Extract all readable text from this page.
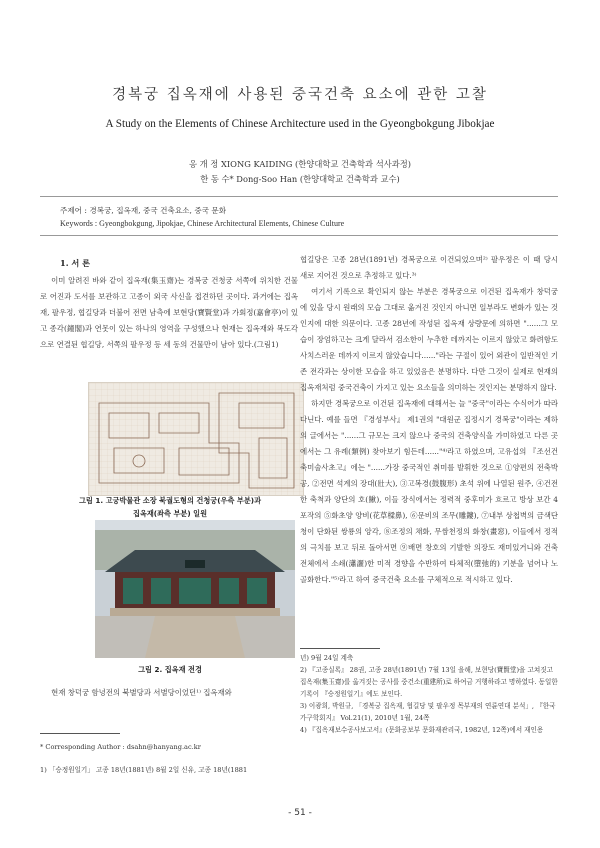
경복궁 집옥재에 사용된 중국건축 요소에 관한 고찰
A Study on the Elements of Chinese Architecture used in the Gyeongbokgung Jibokjae
옹 개 정 XIONG KAIDING (한양대학교 건축학과 석사과정)
한 동 수* Dong-Soo Han (한양대학교 건축학과 교수)
주제어 : 경복궁, 집옥재, 중국 건축요소, 중국 문화
Keywords : Gyeongbokgung, Jipokjae, Chinese Architectural Elements, Chinese Culture
1. 서 론

이미 알려진 바와 같이 집옥재(集玉齋)는 경복궁 건청궁 서쪽에 위치한 건물로 어진과 도서를 보관하고 고종이 외국 사신을 접견하던 곳이다. 과거에는 집옥재, 팔우정, 협길당과 더불어 전면 남측에 보현당(寶賢堂)과 가회정(嘉會亭)이 있고 종각(鐘閣)과 연못이 있는 하나의 영역을 구성했으나 현재는 집옥재와 복도각으로 연결된 협길당, 서쪽의 팔우정 등 세 동의 건물만이 남아 있다.(그림1)

그림 1. 고궁박물관 소장 북궐도형의 건청궁(우측 부분)과
집옥재(좌측 부분) 일원
그림 2. 집옥재 전경

현재 창덕궁 함녕전의 북별당과 서별당이었던¹⁾ 집옥재와

* Corresponding Author : dsahn@hanyang.ac.kr
1) 「승정원일기」 고종 18년(1881년) 8월 2일 신유, 고종 18년(1881

협길당은 고종 28년(1891년) 경복궁으로 이건되었으며²⁾ 팔우정은 이 때 당시 새로 지어진 것으로 추정하고 있다.³⁾

여기서 기록으로 확인되지 않는 부분은 경복궁으로 이건된 집옥재가 창덕궁에 있을 당시 원래의 모습 그대로 옮겨진 것인지 아니면 일부라도 변화가 있는 것인지에 대한 의문이다. 고종 28년에 작성된 집옥재 상량문에 의하면 "......그 모습이 장엄하고는 크게 달라서 검소한이 누추한 데까지는 이르지 않았고 화려함도 사치스러운 데까지 이르지 않았습니다......"라는 구절이 있어 외관이 일반적인 기존 전각과는 상이한 모습을 하고 있었음은 분명하다. 다만 그것이 실제로 현재의 집옥재처럼 중국건축이 가지고 있는 요소들을 의미하는 것인지는 분명하지 않다.

하지만 경복궁으로 이건된 집옥재에 대해서는 늘 "중국"이라는 수식어가 따라 다닌다. 예를 들면 『경성부사』 제1권의 "대원군 집정시기 경복궁"이라는 제하의 글에서는 "......그 규모는 크지 않으나 중국의 건축양식을 가미하였고 다른 곳에서는 그 유례(類例) 찾아보기 힘든데......"⁴⁾라고 하였으며, 고유섭의 『조선건축미술사초고』에는 "......가장 중국적인 취미를 발휘한 것으로 ①양편의 전축박공, ②전면 석계의 장대(壯大), ③고복경(鼓腹形) 초석 위에 나열된 원주, ④건전한 축척과 양단의 호(鰍), 이들 장식에서는 정력적 중후미가 흐르고 방상 보간 4포작의 ⑤화초양 양비(花草樑鼻), ⑥문비의 조무(雕鏤), ⑦내부 상첩벽의 금색단청이 단화된 쌍룡의 앙각, ⑧조정의 채화, 무쌈천정의 화창(畫窓), 이들에서 정적의 극치를 보고 뒤로 돌아서면 ⑨배면 창호의 기발한 의장도 재미있거니와 건축 전체에서 소쇄(瀟灑)한 미적 경향을 수반하여 타체적(墮弛的) 기분을 넘어나 노골화한다."⁵⁾라고 하여 중국건축 요소를 구체적으로 적시하고 있다.

년) 9월 24일 계축
2) 『고종실록』 28권, 고종 28년(1891년) 7월 13일 을해, 보현당(寶賢堂)을 고쳐짓고 집옥재(集玉齋)를 옮겨짓는 공사를 중건소(重建所)로 하여금 거행하라고 명하였다. 동일한 기록이 『승정원일기』에도 보인다.
3) 이광희, 박원규, 「경복궁 집옥재, 협길당 및 팔우정 목부재의 연륜연대 분석」, 『한국가구학회지』 Vol.21(1), 2010년 1월, 24쪽
4) 『집옥재보수공사보고서』(문화공보부 문화재관리국, 1982년, 12쪽)에서 재인용
- 51 -
